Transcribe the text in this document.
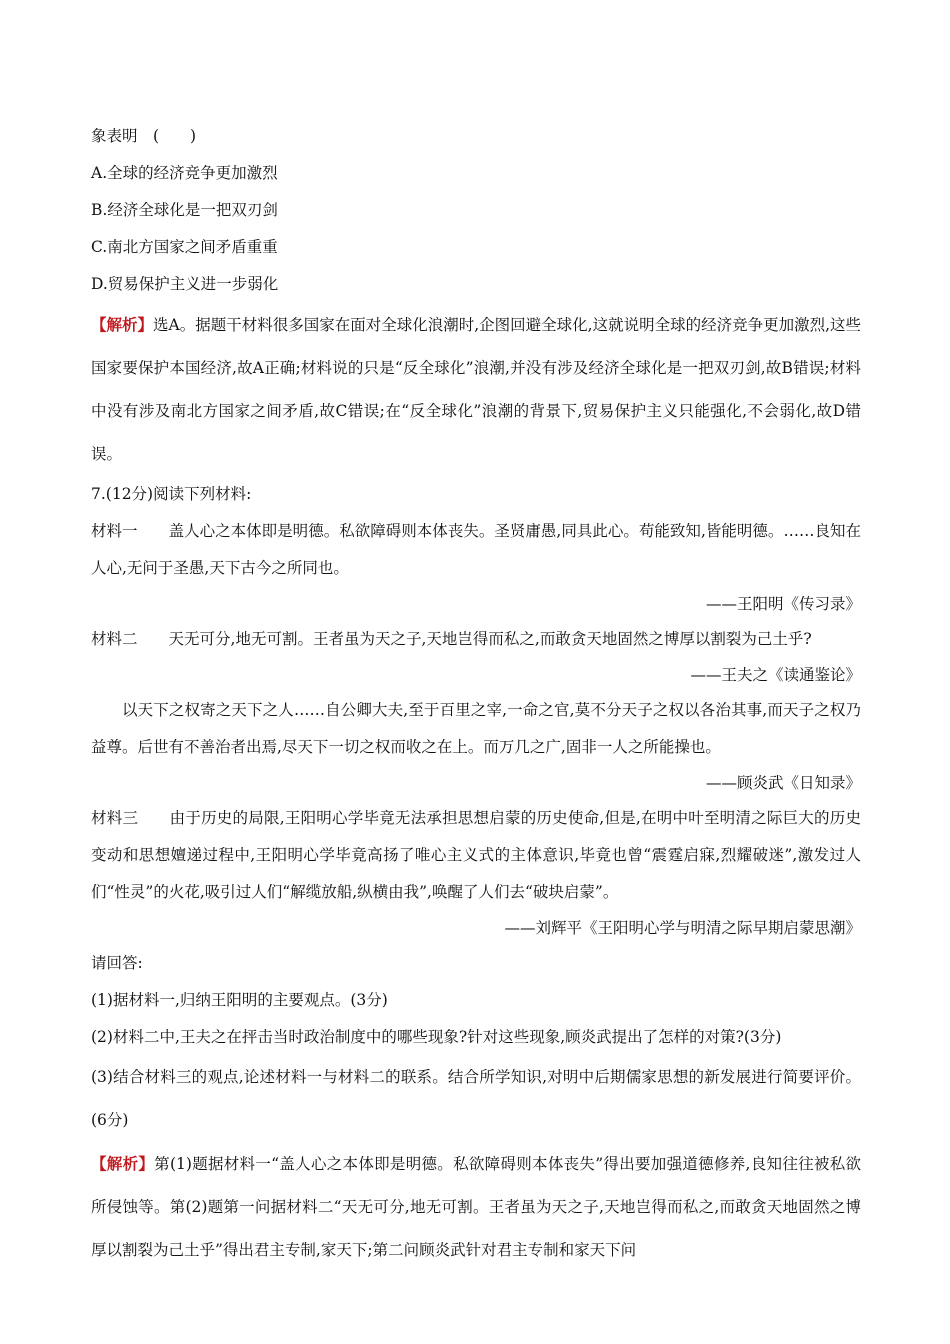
象表明　(　　)

A.全球的经济竞争更加激烈

B.经济全球化是一把双刃剑

C.南北方国家之间矛盾重重

D.贸易保护主义进一步弱化

【解析】选A。据题干材料很多国家在面对全球化浪潮时,企图回避全球化,这就说明全球的经济竞争更加激烈,这些国家要保护本国经济,故A正确;材料说的只是“反全球化”浪潮,并没有涉及经济全球化是一把双刃剑,故B错误;材料中没有涉及南北方国家之间矛盾,故C错误;在“反全球化”浪潮的背景下,贸易保护主义只能强化,不会弱化,故D错误。

7.(12分)阅读下列材料:

材料一　　 盖人心之本体即是明德。私欲障碍则本体丧失。圣贤庸愚,同具此心。苟能致知,皆能明德。……良知在人心,无问于圣愚,天下古今之所同也。

——王阳明《传习录》

材料二　　 天无可分,地无可割。王者虽为天之子,天地岂得而私之,而敢贪天地固然之博厚以割裂为己土乎?

——王夫之《读通鉴论》

以天下之权寄之天下之人……自公卿大夫,至于百里之宰,一命之官,莫不分天子之权以各治其事,而天子之权乃益尊。后世有不善治者出焉,尽天下一切之权而收之在上。而万几之广,固非一人之所能操也。

——顾炎武《日知录》

材料三　　 由于历史的局限,王阳明心学毕竟无法承担思想启蒙的历史使命,但是,在明中叶至明清之际巨大的历史变动和思想嬗递过程中,王阳明心学毕竟高扬了唯心主义式的主体意识,毕竟也曾“震霆启寐,烈耀破迷”,激发过人们“性灵”的火花,吸引过人们“解缆放船,纵横由我”,唤醒了人们去“破块启蒙”。

——刘辉平《王阳明心学与明清之际早期启蒙思潮》

请回答:

(1)据材料一,归纳王阳明的主要观点。(3分)

(2)材料二中,王夫之在抨击当时政治制度中的哪些现象?针对这些现象,顾炎武提出了怎样的对策?(3分)

(3)结合材料三的观点,论述材料一与材料二的联系。结合所学知识,对明中后期儒家思想的新发展进行简要评价。(6分)

【解析】第(1)题据材料一“盖人心之本体即是明德。私欲障碍则本体丧失”得出要加强道德修养,良知往往被私欲所侵蚀等。第(2)题第一问据材料二“天无可分,地无可割。王者虽为天之子,天地岂得而私之,而敢贪天地固然之博厚以割裂为己土乎”得出君主专制,家天下;第二问顾炎武针对君主专制和家天下问
